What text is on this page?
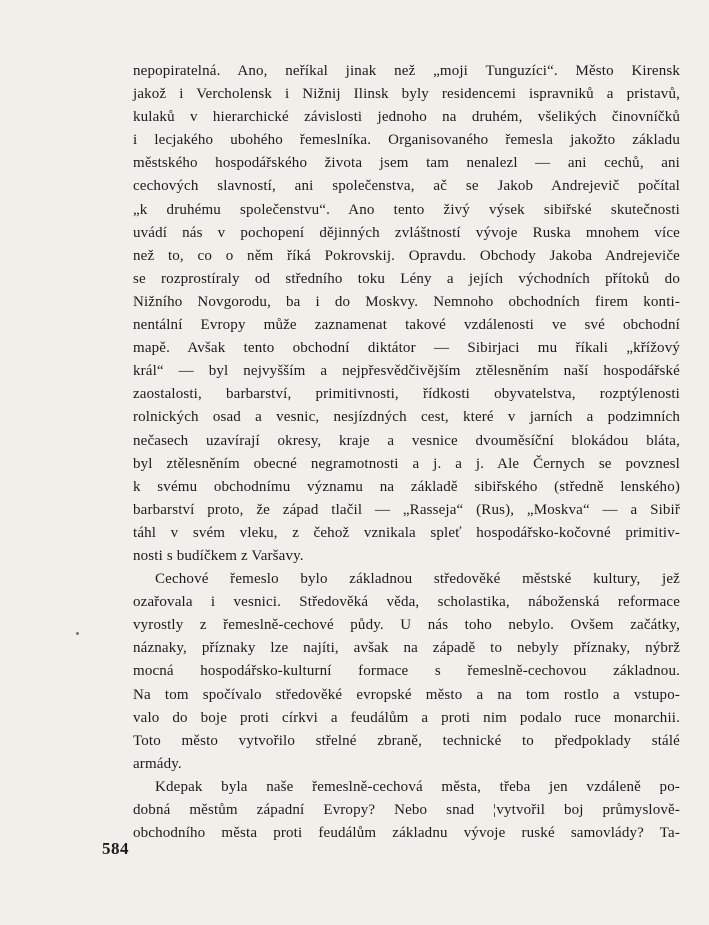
nepopiratelná. Ano, neříkal jinak než „moji Tunguzíci“. Město Kirensk
jakož i Vercholensk i Nižnij Ilinsk byly residencemi ispravniků a pristavů,
kulaků v hierarchické závislosti jednoho na druhém, všelikých činovníčků
i lecjakého ubohého řemeslníka. Organisovaného řemesla jakožto základu
městského hospodářského života jsem tam nenalezl — ani cechů, ani
cechových slavností, ani společenstva, ač se Jakob Andrejevič počítal
„k druhému společenstvu“. Ano tento živý výsek sibiřské skutečnosti
uvádí nás v pochopení dějinných zvláštností vývoje Ruska mnohem více
než to, co o něm říká Pokrovskij. Opravdu. Obchody Jakoba Andrejeviče
se rozprostíraly od středního toku Lény a jejích východních přítoků do
Nižního Novgorodu, ba i do Moskvy. Nemnoho obchodních firem konti-
nentální Evropy může zaznamenat takové vzdálenosti ve své obchodní
mapě. Avšak tento obchodní diktátor — Sibirjaci mu říkali „křížový
král“ — byl nejvyšším a nejpřesvědčivějším ztělesněním naší hospodářské
zaostalosti, barbarství, primitivnosti, řídkosti obyvatelstva, rozptýlenosti
rolnických osad a vesnic, nesjízdných cest, které v jarních a podzimních
nečasech uzavírají okresy, kraje a vesnice dvouměsíční blokádou bláta,
byl ztělesněním obecné negramotnosti a j. a j. Ale Černych se povznesl
k svému obchodnímu významu na základě sibiřského (středně lenského)
barbarství proto, že západ tlačil — „Rasseja“ (Rus), „Moskva“ — a Sibiř
táhl v svém vleku, z čehož vznikala spleť hospodářsko-kočovné primitiv-
nosti s budíčkem z Varšavy.
Cechové řemeslo bylo základnou středověké městské kultury, jež
ozařovala i vesnici. Středověká věda, scholastika, náboženská reformace
vyrostly z řemeslně-cechové půdy. U nás toho nebylo. Ovšem začátky,
náznaky, příznaky lze najíti, avšak na západě to nebyly příznaky, nýbrž
mocná hospodářsko-kulturní formace s řemeslně-cechovou základnou.
Na tom spočívalo středověké evropské město a na tom rostlo a vstupo-
valo do boje proti církvi a feudálům a proti nim podalo ruce monarchii.
Toto město vytvořilo střelné zbraně, technické to předpoklady stálé
armády.
Kdepak byla naše řemeslně-cechová města, třeba jen vzdáleně po-
dobná městům západní Evropy? Nebo snad ¦vytvořil boj průmyslově-
obchodního města proti feudálům základnu vývoje ruské samovlády? Ta-
584
